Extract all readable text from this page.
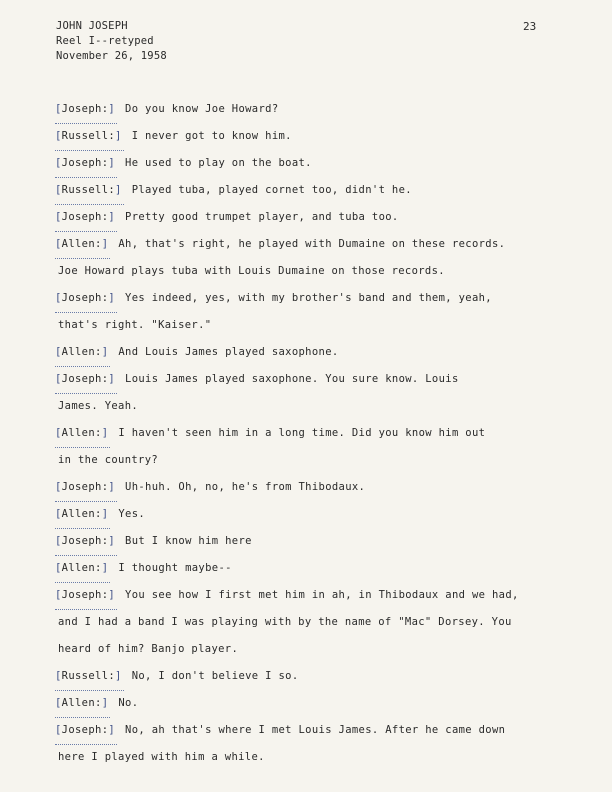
JOHN JOSEPH
Reel I--retyped
November 26, 1958
23
[Joseph:] Do you know Joe Howard?
[Russell:] I never got to know him.
[Joseph:] He used to play on the boat.
[Russell:] Played tuba, played cornet too, didn't he.
[Joseph:] Pretty good trumpet player, and tuba too.
[Allen:] Ah, that's right, he played with Dumaine on these records.
Joe Howard plays tuba with Louis Dumaine on those records.
[Joseph:] Yes indeed, yes, with my brother's band and them, yeah,
that's right. "Kaiser."
[Allen:] And Louis James played saxophone.
[Joseph:] Louis James played saxophone. You sure know. Louis
James. Yeah.
[Allen:] I haven't seen him in a long time. Did you know him out
in the country?
[Joseph:] Uh-huh. Oh, no, he's from Thibodaux.
[Allen:] Yes.
[Joseph:] But I know him here
[Allen:] I thought maybe--
[Joseph:] You see how I first met him in ah, in Thibodaux and we had,
and I had a band I was playing with by the name of "Mac" Dorsey. You
heard of him? Banjo player.
[Russell:] No, I don't believe I so.
[Allen:] No.
[Joseph:] No, ah that's where I met Louis James. After he came down
here I played with him a while.
